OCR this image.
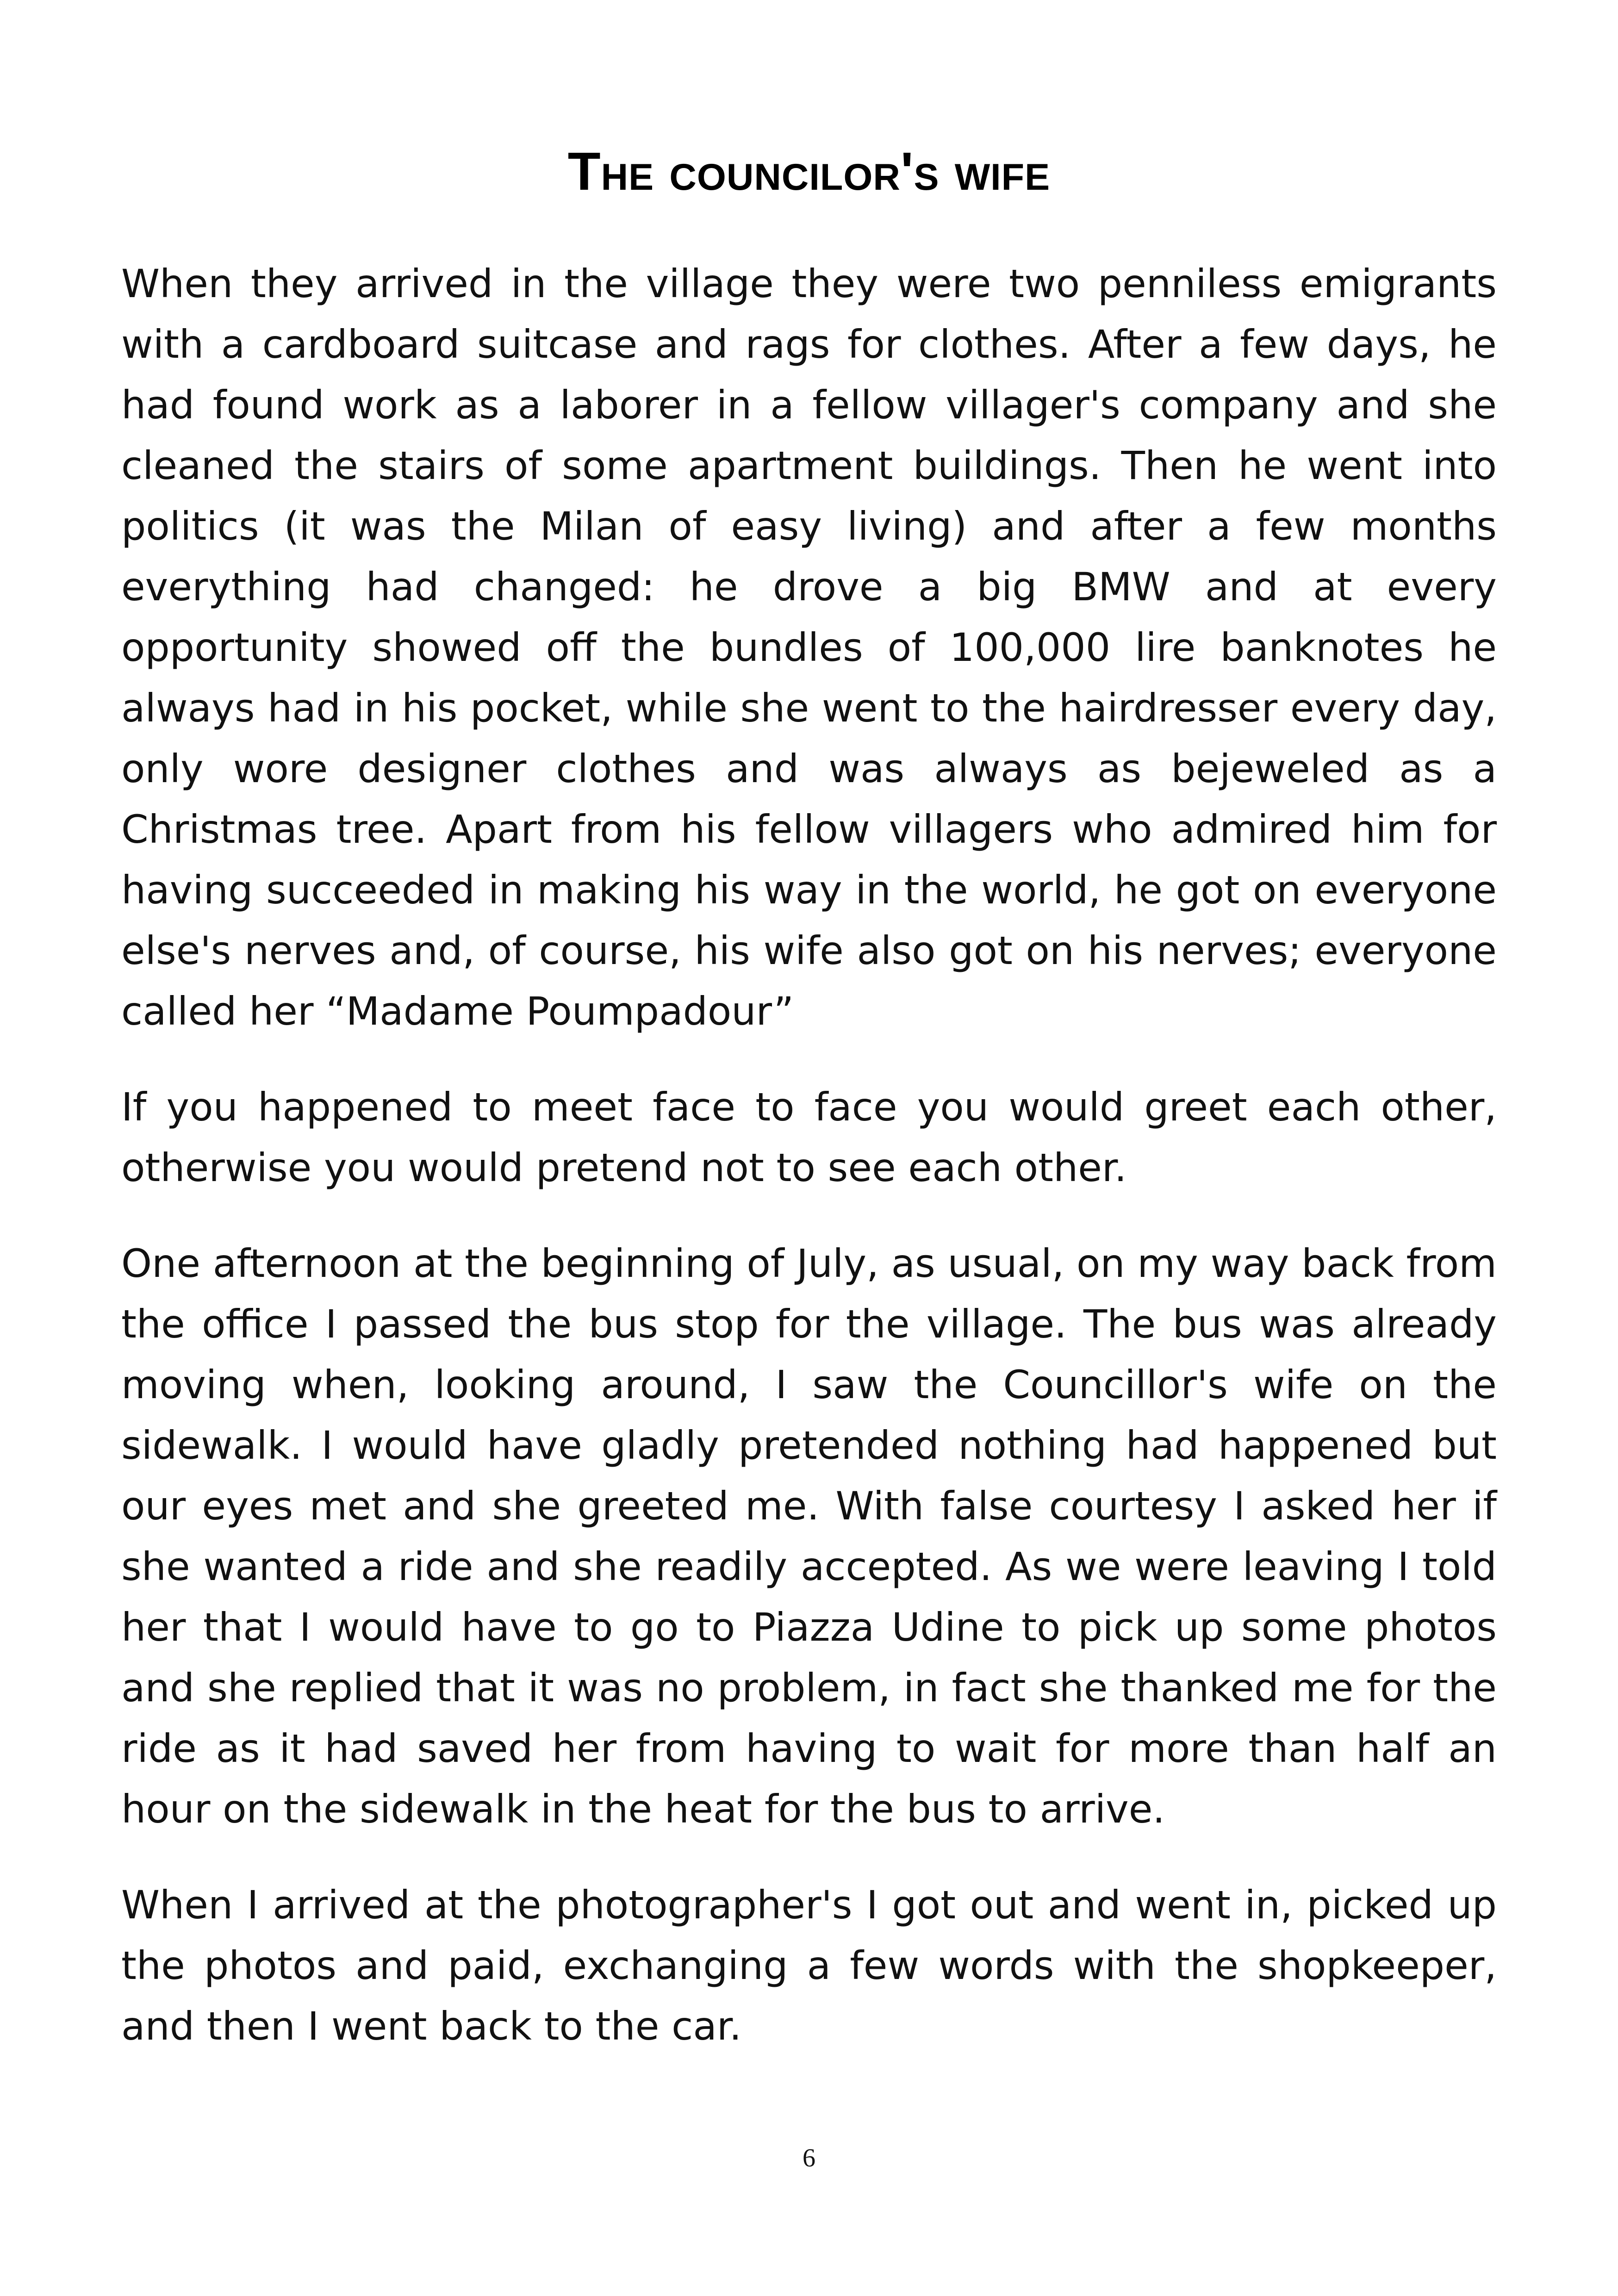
The councilor's wife

When they arrived in the village they were two penniless emigrants with a cardboard suitcase and rags for clothes. After a few days, he had found work as a laborer in a fellow villager's company and she cleaned the stairs of some apartment buildings. Then he went into politics (it was the Milan of easy living) and after a few months everything had changed: he drove a big BMW and at every opportunity showed off the bundles of 100,000 lire banknotes he always had in his pocket, while she went to the hairdresser every day, only wore designer clothes and was always as bejeweled as a Christmas tree. Apart from his fellow villagers who admired him for having succeeded in making his way in the world, he got on everyone else's nerves and, of course, his wife also got on his nerves; everyone called her “Madame Poumpadour”

If you happened to meet face to face you would greet each other, otherwise you would pretend not to see each other.

One afternoon at the beginning of July, as usual, on my way back from the office I passed the bus stop for the village. The bus was already moving when, looking around, I saw the Councillor's wife on the sidewalk. I would have gladly pretended nothing had happened but our eyes met and she greeted me. With false courtesy I asked her if she wanted a ride and she readily accepted. As we were leaving I told her that I would have to go to Piazza Udine to pick up some photos and she replied that it was no problem, in fact she thanked me for the ride as it had saved her from having to wait for more than half an hour on the sidewalk in the heat for the bus to arrive.

When I arrived at the photographer's I got out and went in, picked up the photos and paid, exchanging a few words with the shopkeeper, and then I went back to the car.

6
